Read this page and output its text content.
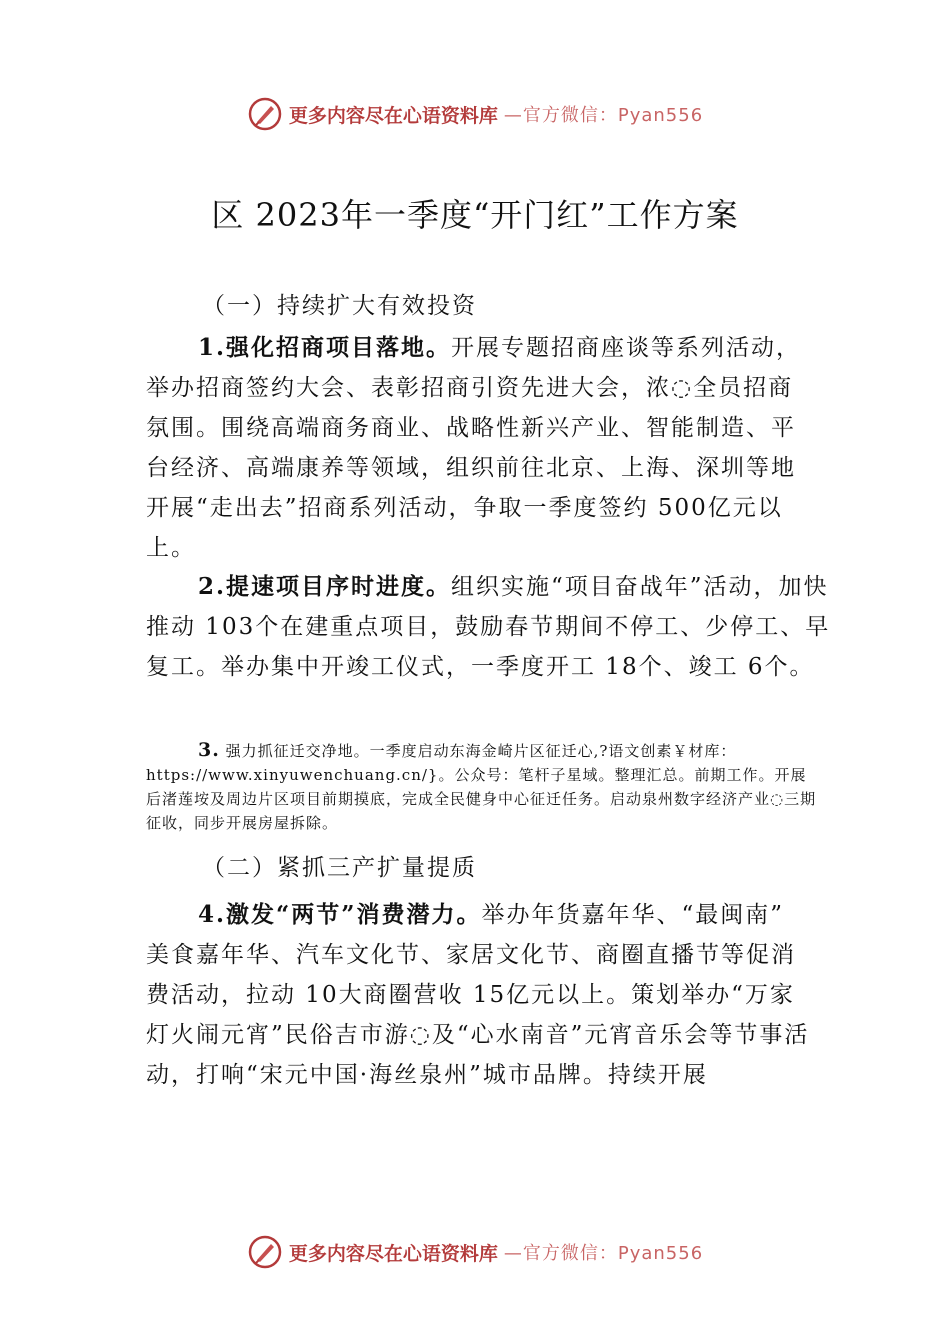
更多内容尽在心语资料库 —官方微信：Pyan556
区 2023年一季度“开门红”工作方案

（一）持续扩大有效投资

1.强化招商项目落地。开展专题招商座谈等系列活动，举办招商签约大会、表彰招商引资先进大会，浓◌全员招商氛围。围绕高端商务商业、战略性新兴产业、智能制造、平台经济、高端康养等领域，组织前往北京、上海、深圳等地开展“走出去”招商系列活动，争取一季度签约 500亿元以上。

2.提速项目序时进度。组织实施“项目奋战年”活动，加快推动 103个在建重点项目，鼓励春节期间不停工、少停工、早复工。举办集中开竣工仪式，一季度开工 18个、竣工 6个。

3. 强力抓征迁交净地。一季度启动东海金崎片区征迁心,?语文创素￥材库：https://www.xinyuwenchuang.cn/}。公众号：笔杆子星域。整理汇总。前期工作。开展后渚莲垵及周边片区项目前期摸底，完成全民健身中心征迁任务。启动泉州数字经济产业◌三期征收，同步开展房屋拆除。

（二）紧抓三产扩量提质

4.激发“两节”消费潜力。举办年货嘉年华、“最闽南” 美食嘉年华、汽车文化节、家居文化节、商圈直播节等促消费活动，拉动 10大商圈营收 15亿元以上。策划举办“万家灯火闹元宵”民俗吉市游◌及“心水南音”元宵音乐会等节事活动，打响“宋元中国·海丝泉州”城市品牌。持续开展

更多内容尽在心语资料库 —官方微信：Pyan556
